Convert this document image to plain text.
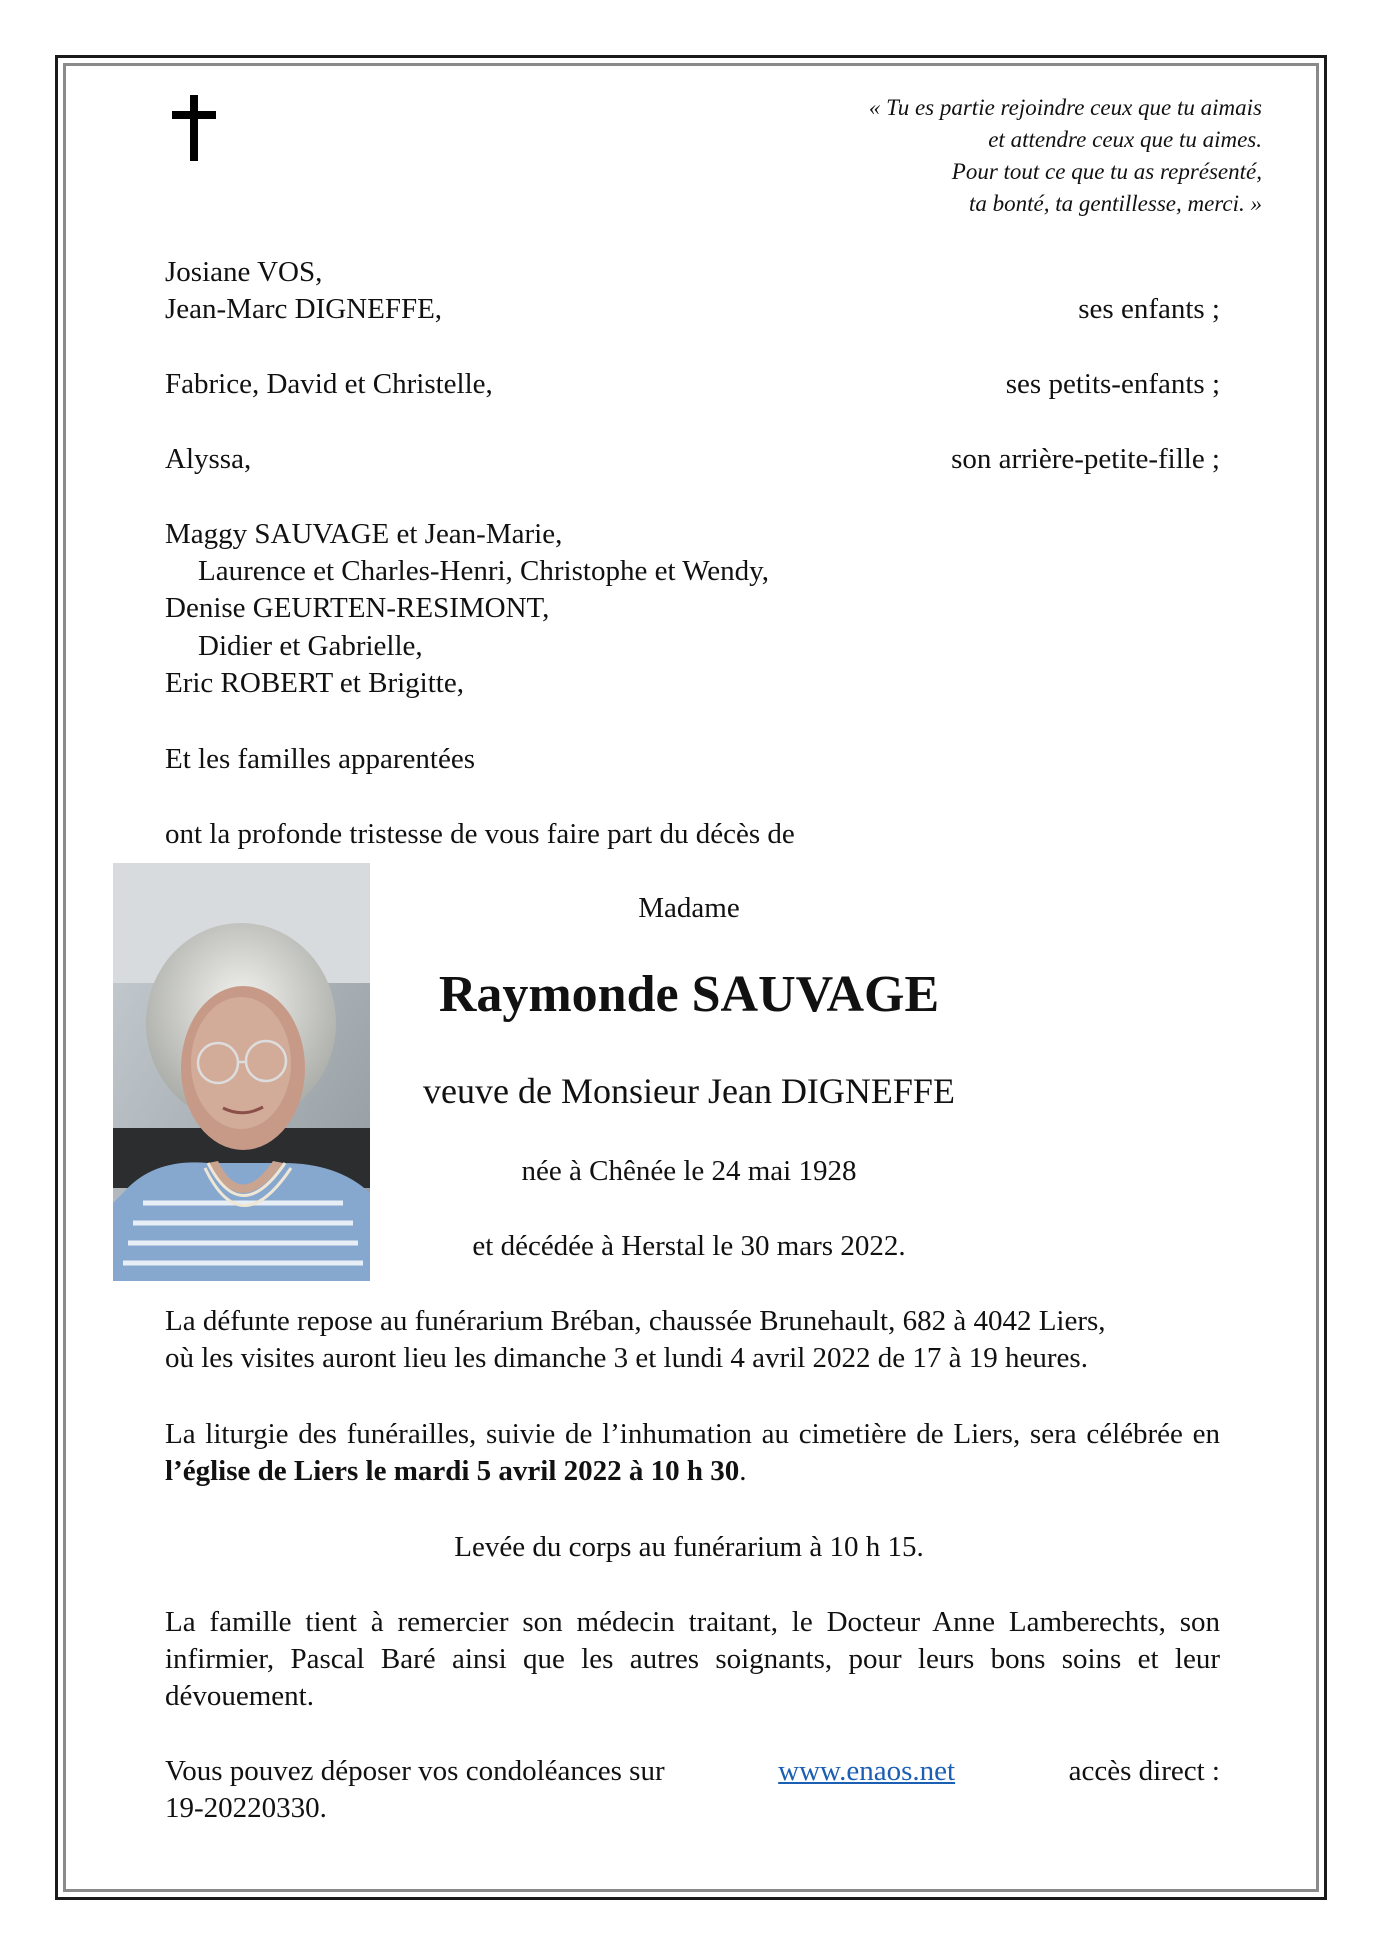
« Tu es partie rejoindre ceux que tu aimais
et attendre ceux que tu aimes.
Pour tout ce que tu as représenté,
ta bonté, ta gentillesse, merci. »
Josiane VOS,
Jean-Marc DIGNEFFE,	ses enfants ;
Fabrice, David et Christelle,	ses petits-enfants ;
Alyssa,	son arrière-petite-fille ;
Maggy SAUVAGE et Jean-Marie,
Laurence et Charles-Henri, Christophe et Wendy,
Denise GEURTEN-RESIMONT,
Didier et Gabrielle,
Eric ROBERT et Brigitte,
Et les familles apparentées
ont la profonde tristesse de vous faire part du décès de
Madame
Raymonde SAUVAGE
veuve de Monsieur Jean DIGNEFFE
née à Chênée le 24 mai 1928
et décédée à Herstal le 30 mars 2022.
La défunte repose au funérarium Bréban, chaussée Brunehault, 682 à 4042 Liers,
où les visites auront lieu les dimanche 3 et lundi 4 avril 2022 de 17 à 19 heures.
La liturgie des funérailles, suivie de l’inhumation au cimetière de Liers, sera célébrée en l’église de Liers le mardi 5 avril 2022 à 10 h 30.
Levée du corps au funérarium à 10 h 15.
La famille tient à remercier son médecin traitant, le Docteur Anne Lamberechts, son infirmier, Pascal Baré ainsi que les autres soignants, pour leurs bons soins et leur dévouement.
Vous pouvez déposer vos condoléances sur	www.enaos.net	accès direct :
19-20220330.
